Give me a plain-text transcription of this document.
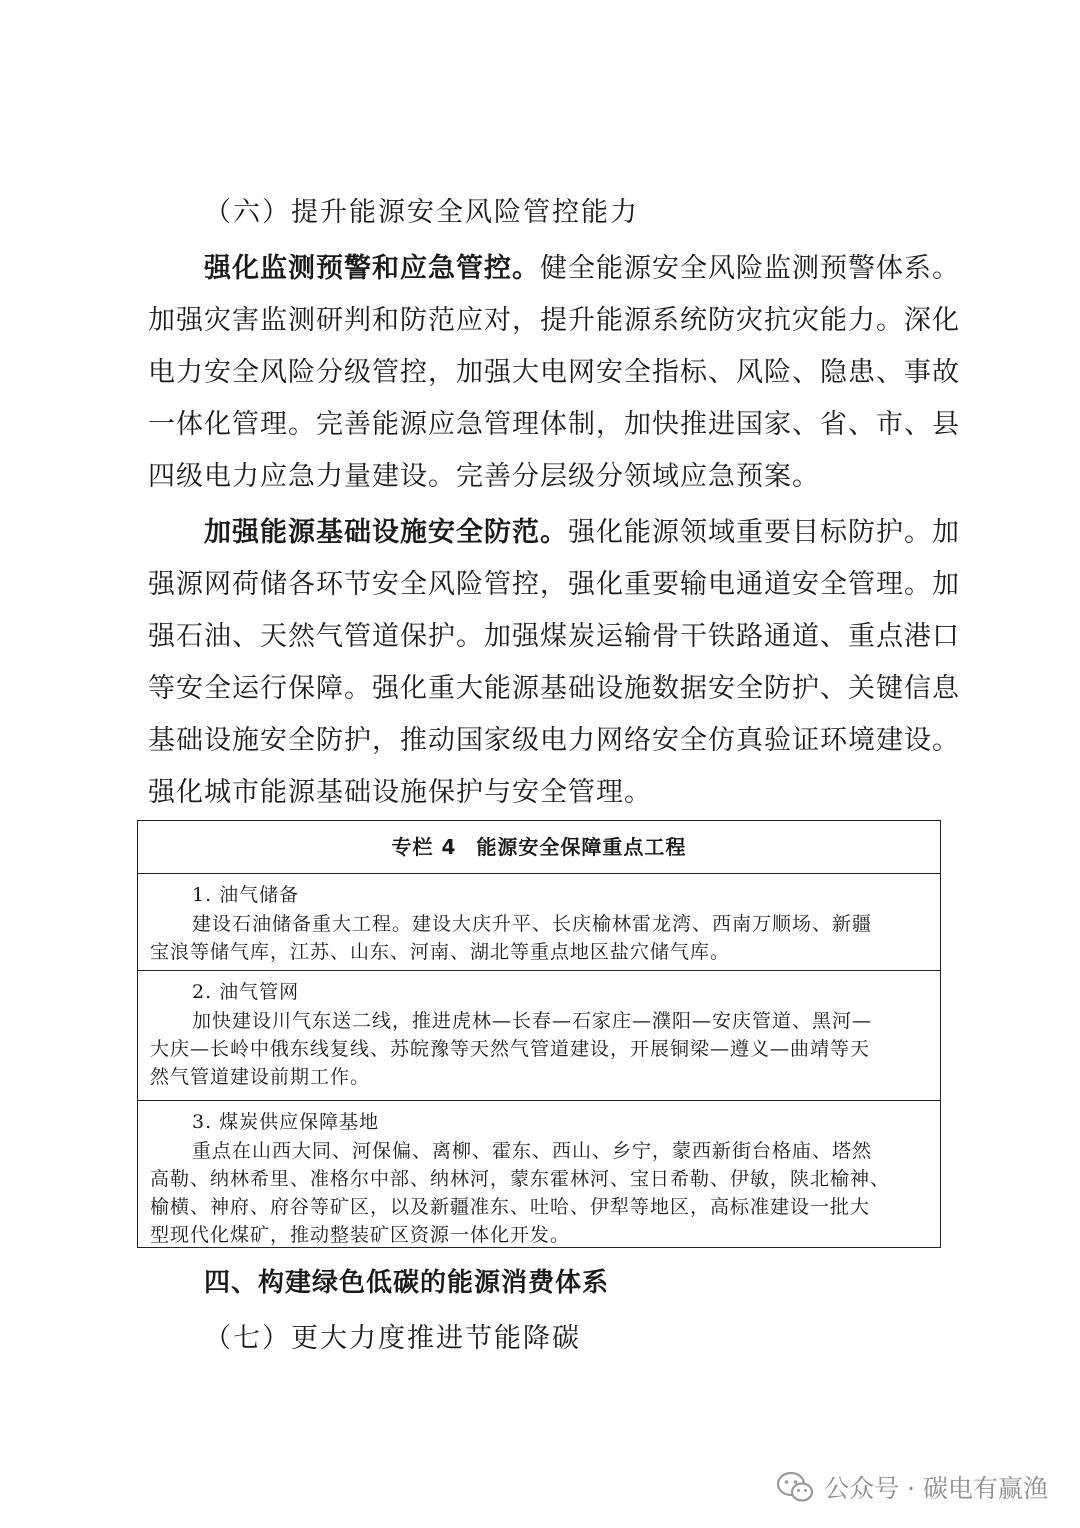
（六）提升能源安全风险管控能力
强化监测预警和应急管控。健全能源安全风险监测预警体系。
加强灾害监测研判和防范应对，提升能源系统防灾抗灾能力。深化
电力安全风险分级管控，加强大电网安全指标、风险、隐患、事故
一体化管理。完善能源应急管理体制，加快推进国家、省、市、县
四级电力应急力量建设。完善分层级分领域应急预案。
加强能源基础设施安全防范。强化能源领域重要目标防护。加
强源网荷储各环节安全风险管控，强化重要输电通道安全管理。加
强石油、天然气管道保护。加强煤炭运输骨干铁路通道、重点港口
等安全运行保障。强化重大能源基础设施数据安全防护、关键信息
基础设施安全防护，推动国家级电力网络安全仿真验证环境建设。
强化城市能源基础设施保护与安全管理。
专栏 4 能源安全保障重点工程
1. 油气储备
建设石油储备重大工程。建设大庆升平、长庆榆林雷龙湾、西南万顺场、新疆
宝浪等储气库，江苏、山东、河南、湖北等重点地区盐穴储气库。
2. 油气管网
加快建设川气东送二线，推进虎林—长春—石家庄—濮阳—安庆管道、黑河—
大庆—长岭中俄东线复线、苏皖豫等天然气管道建设，开展铜梁—遵义—曲靖等天
然气管道建设前期工作。
3. 煤炭供应保障基地
重点在山西大同、河保偏、离柳、霍东、西山、乡宁，蒙西新街台格庙、塔然
高勒、纳林希里、准格尔中部、纳林河，蒙东霍林河、宝日希勒、伊敏，陕北榆神、
榆横、神府、府谷等矿区，以及新疆准东、吐哈、伊犁等地区，高标准建设一批大
型现代化煤矿，推动整装矿区资源一体化开发。
四、构建绿色低碳的能源消费体系
（七）更大力度推进节能降碳
公众号 · 碳电有赢渔
